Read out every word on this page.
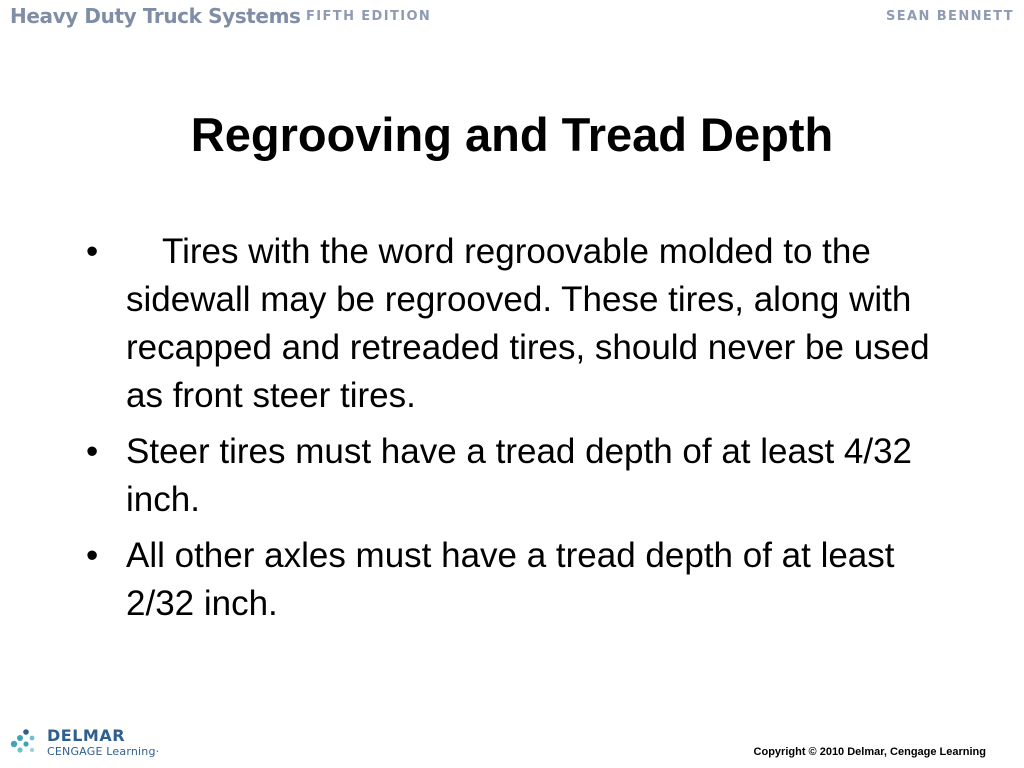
Heavy Duty Truck Systems FIFTH EDITION	SEAN BENNETT
Regrooving and Tread Depth
• Tires with the word regroovable molded to the sidewall may be regrooved. These tires, along with recapped and retreaded tires, should never be used as front steer tires.
• Steer tires must have a tread depth of at least 4/32 inch.
• All other axles must have a tread depth of at least 2/32 inch.
DELMAR
CENGAGE Learning·	Copyright © 2010 Delmar, Cengage Learning
